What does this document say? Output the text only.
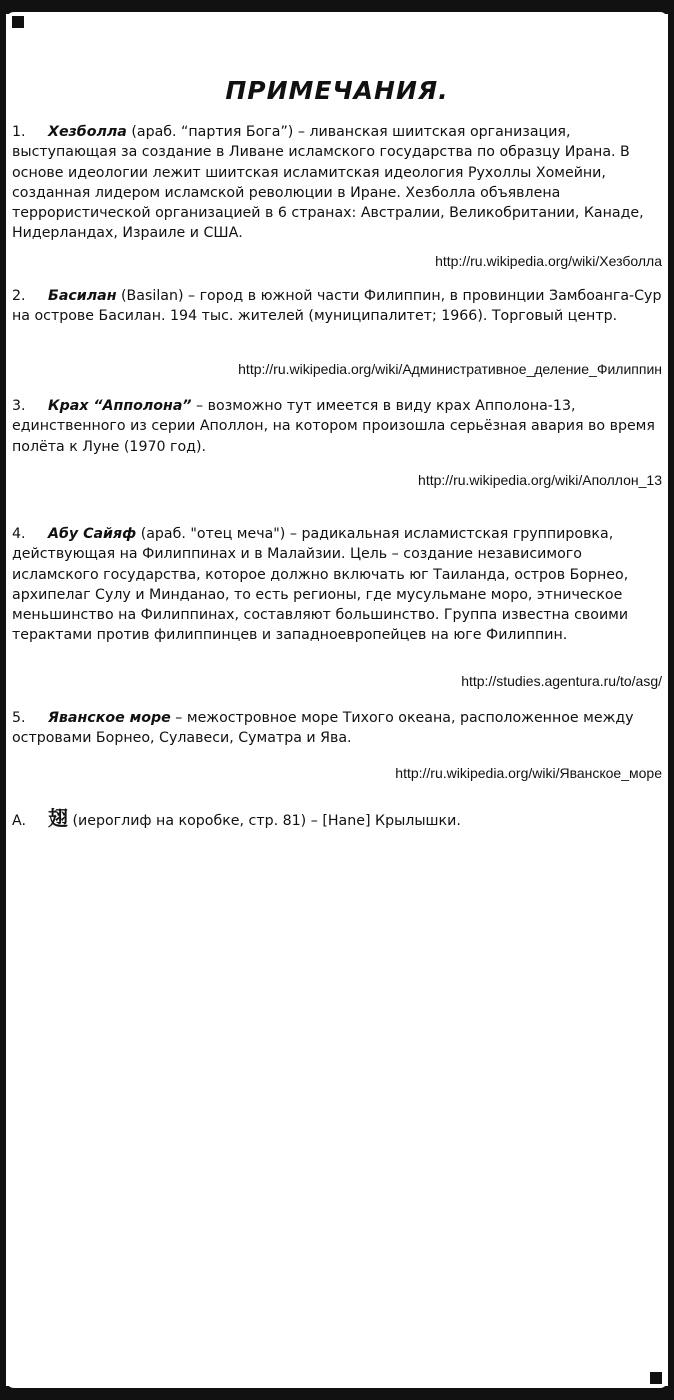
ПРИМЕЧАНИЯ.
1. Хезболла (араб. “партия Бога”) – ливанская шиитская организация, выступающая за создание в Ливане исламского государства по образцу Ирана. В основе идеологии лежит шиитская исламитская идеология Рухоллы Хомейни, созданная лидером исламской революции в Иране. Хезболла объявлена террористической организацией в 6 странах: Австралии, Великобритании, Канаде, Нидерландах, Израиле и США.
http://ru.wikipedia.org/wiki/Хезболла
2. Басилан (Basilan) – город в южной части Филиппин, в провинции Замбоанга-Сур на острове Басилан. 194 тыс. жителей (муниципалитет; 1966). Торговый центр.
http://ru.wikipedia.org/wiki/Административное_деление_Филиппин
3. Крах “Апполона” – возможно тут имеется в виду крах Апполона-13, единственного из серии Аполлон, на котором произошла серьёзная авария во время полёта к Луне (1970 год).
http://ru.wikipedia.org/wiki/Аполлон_13
4. Абу Сайяф (араб. "отец меча") – радикальная исламистская группировка, действующая на Филиппинах и в Малайзии. Цель – создание независимого исламского государства, которое должно включать юг Таиланда, остров Борнео, архипелаг Сулу и Минданао, то есть регионы, где мусульмане моро, этническое меньшинство на Филиппинах, составляют большинство. Группа известна своими терактами против филиппинцев и западноевропейцев на юге Филиппин.
http://studies.agentura.ru/to/asg/
5. Яванское море – межостровное море Тихого океана, расположенное между островами Борнео, Сулавеси, Суматра и Ява.
http://ru.wikipedia.org/wiki/Яванское_море
A. 翅 (иероглиф на коробке, стр. 81) – [Hane] Крылышки.
